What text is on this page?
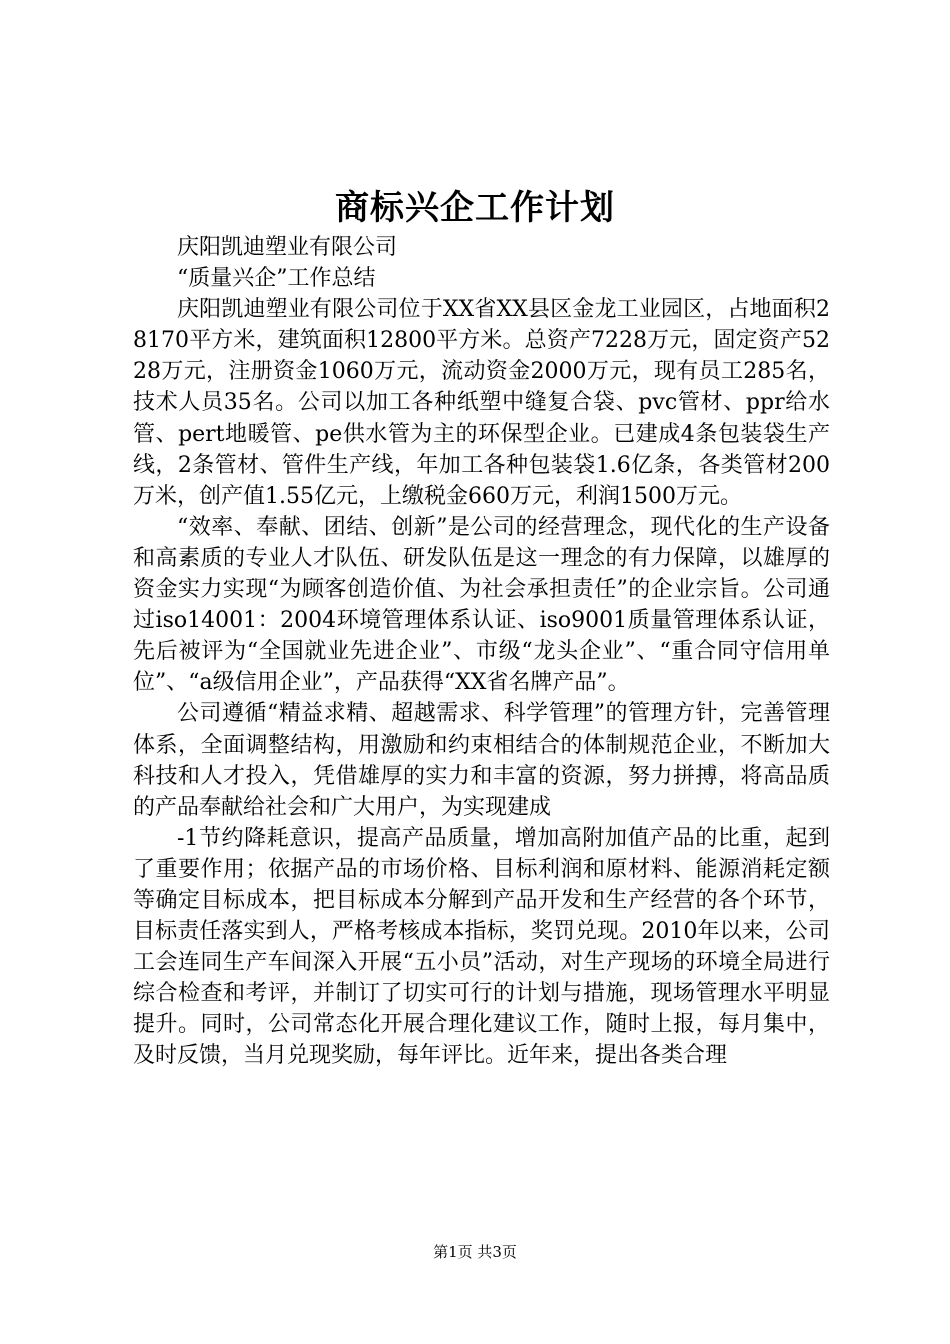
商标兴企工作计划

庆阳凯迪塑业有限公司

“质量兴企”工作总结

庆阳凯迪塑业有限公司位于XX省XX县区金龙工业园区，占地面积28170平方米，建筑面积12800平方米。总资产7228万元，固定资产5228万元，注册资金1060万元，流动资金2000万元，现有员工285名，技术人员35名。公司以加工各种纸塑中缝复合袋、pvc管材、ppr给水管、pert地暖管、pe供水管为主的环保型企业。已建成4条包装袋生产线，2条管材、管件生产线，年加工各种包装袋1.6亿条，各类管材200万米，创产值1.55亿元，上缴税金660万元，利润1500万元。

“效率、奉献、团结、创新”是公司的经营理念，现代化的生产设备和高素质的专业人才队伍、研发队伍是这一理念的有力保障，以雄厚的资金实力实现“为顾客创造价值、为社会承担责任”的企业宗旨。公司通过iso14001：2004环境管理体系认证、iso9001质量管理体系认证，先后被评为“全国就业先进企业”、市级“龙头企业”、“重合同守信用单位”、“a级信用企业”，产品获得“XX省名牌产品”。

公司遵循“精益求精、超越需求、科学管理”的管理方针，完善管理体系，全面调整结构，用激励和约束相结合的体制规范企业，不断加大科技和人才投入，凭借雄厚的实力和丰富的资源，努力拼搏，将高品质的产品奉献给社会和广大用户，为实现建成

-1节约降耗意识，提高产品质量，增加高附加值产品的比重，起到了重要作用；依据产品的市场价格、目标利润和原材料、能源消耗定额等确定目标成本，把目标成本分解到产品开发和生产经营的各个环节，目标责任落实到人，严格考核成本指标，奖罚兑现。2010年以来，公司工会连同生产车间深入开展“五小员”活动，对生产现场的环境全局进行综合检查和考评，并制订了切实可行的计划与措施，现场管理水平明显提升。同时，公司常态化开展合理化建议工作，随时上报，每月集中，及时反馈，当月兑现奖励，每年评比。近年来，提出各类合理

第1页 共3页
